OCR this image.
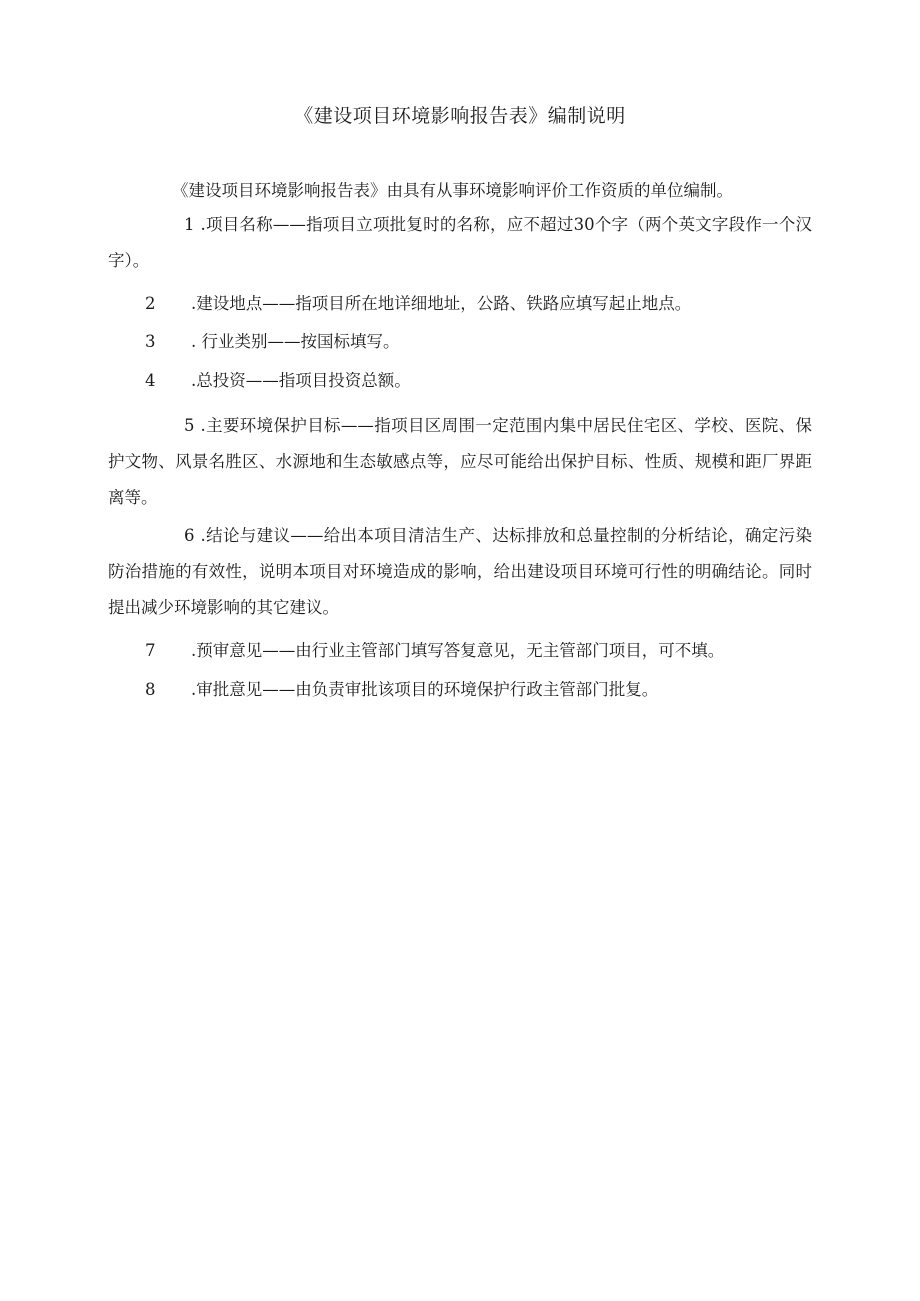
《建设项目环境影响报告表》编制说明
《建设项目环境影响报告表》由具有从事环境影响评价工作资质的单位编制。
1 .项目名称——指项目立项批复时的名称，应不超过30个字（两个英文字段作一个汉字）。
2 .建设地点——指项目所在地详细地址，公路、铁路应填写起止地点。
3 . 行业类别——按国标填写。
4 .总投资——指项目投资总额。
5 .主要环境保护目标——指项目区周围一定范围内集中居民住宅区、学校、医院、保护文物、风景名胜区、水源地和生态敏感点等，应尽可能给出保护目标、性质、规模和距厂界距离等。
6 .结论与建议——给出本项目清洁生产、达标排放和总量控制的分析结论，确定污染防治措施的有效性，说明本项目对环境造成的影响，给出建设项目环境可行性的明确结论。同时提出减少环境影响的其它建议。
7 .预审意见——由行业主管部门填写答复意见，无主管部门项目，可不填。
8 .审批意见——由负责审批该项目的环境保护行政主管部门批复。
